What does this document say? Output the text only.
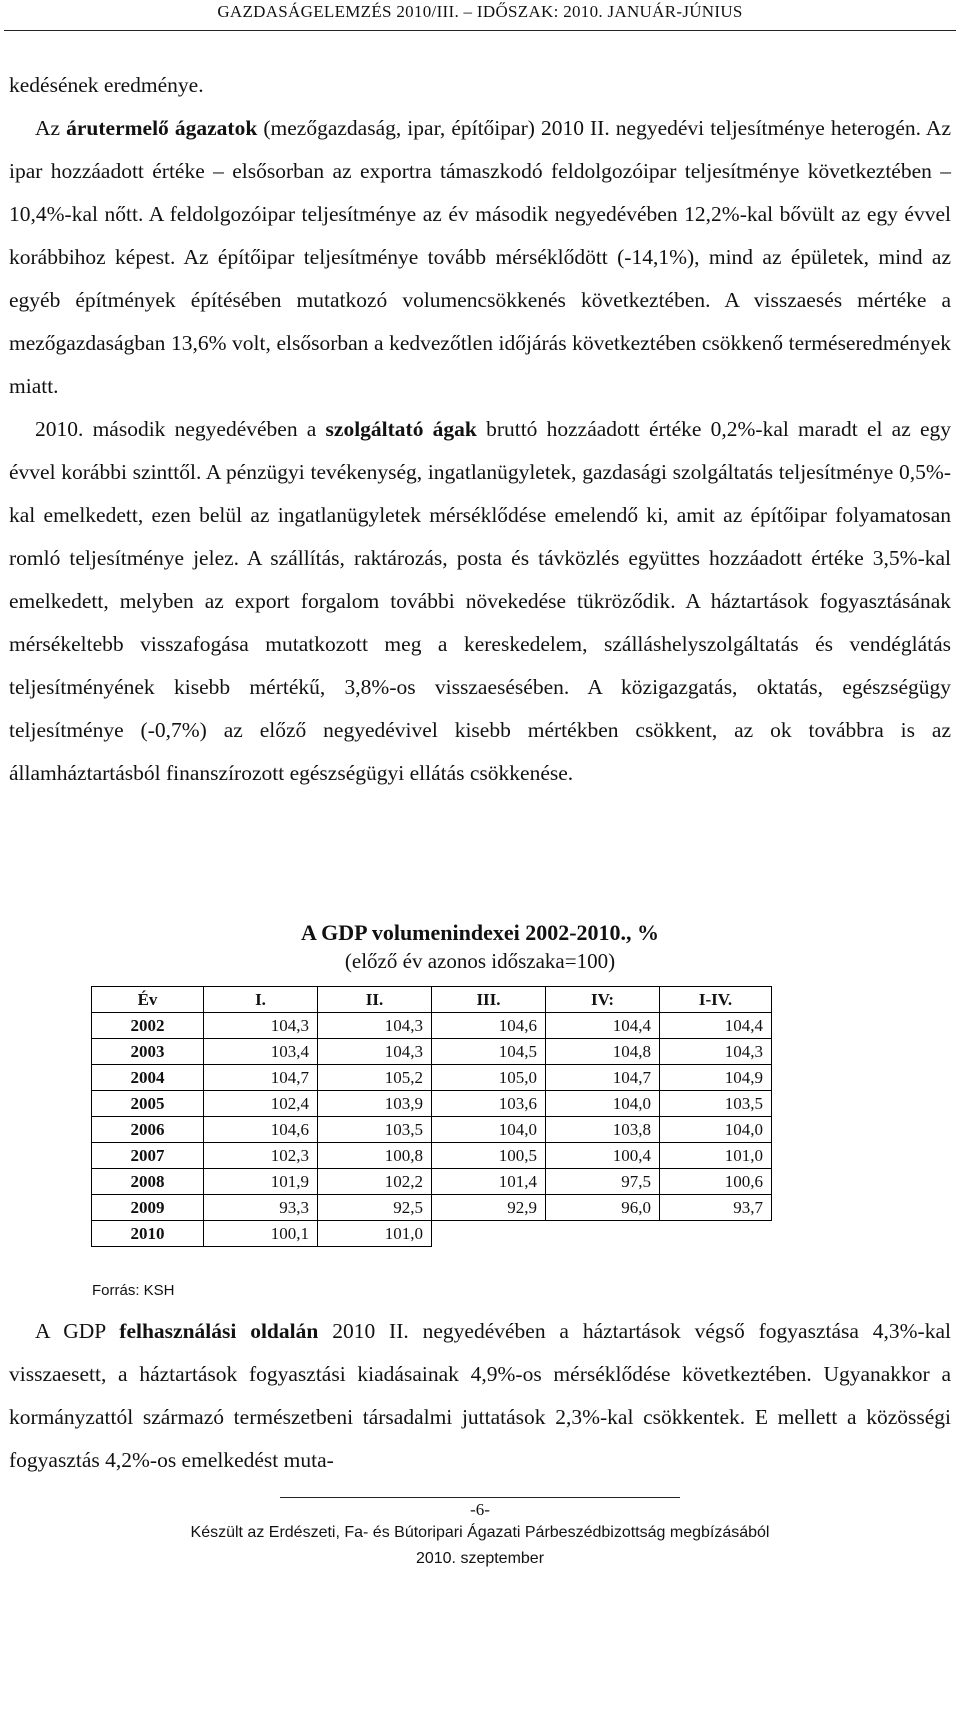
GAZDASÁGELEMZÉS 2010/III. – IDŐSZAK: 2010. JANUÁR-JÚNIUS

kedésének eredménye.

Az árutermelő ágazatok (mezőgazdaság, ipar, építőipar) 2010 II. negyedévi teljesítménye heterogén. Az ipar hozzáadott értéke – elsősorban az exportra támaszkodó feldolgozóipar teljesítménye következtében – 10,4%-kal nőtt. A feldolgozóipar teljesítménye az év második negyedévében 12,2%-kal bővült az egy évvel korábbihoz képest. Az építőipar teljesítménye tovább mérséklődött (-14,1%), mind az épületek, mind az egyéb építmények építésében mutatkozó volumencsökkenés következtében. A visszaesés mértéke a mezőgazdaságban 13,6% volt, elsősorban a kedvezőtlen időjárás következtében csökkenő terméseredmények miatt.

2010. második negyedévében a szolgáltató ágak bruttó hozzáadott értéke 0,2%-kal maradt el az egy évvel korábbi szinttől. A pénzügyi tevékenység, ingatlanügyletek, gazdasági szolgáltatás teljesítménye 0,5%-kal emelkedett, ezen belül az ingatlanügyletek mérséklődése emelendő ki, amit az építőipar folyamatosan romló teljesítménye jelez. A szállítás, raktározás, posta és távközlés együttes hozzáadott értéke 3,5%-kal emelkedett, melyben az export forgalom további növekedése tükröződik. A háztartások fogyasztásának mérsékeltebb visszafogása mutatkozott meg a kereskedelem, szálláshelyszolgáltatás és vendéglátás teljesítményének kisebb mértékű, 3,8%-os visszaesésében. A közigazgatás, oktatás, egészségügy teljesítménye (-0,7%) az előző negyedévivel kisebb mértékben csökkent, az ok továbbra is az államháztartásból finanszírozott egészségügyi ellátás csökkenése.

A GDP volumenindexei 2002-2010., %
(előző év azonos időszaka=100)
Év	I.	II.	III.	IV:	I-IV.
2002	104,3	104,3	104,6	104,4	104,4
2003	103,4	104,3	104,5	104,8	104,3
2004	104,7	105,2	105,0	104,7	104,9
2005	102,4	103,9	103,6	104,0	103,5
2006	104,6	103,5	104,0	103,8	104,0
2007	102,3	100,8	100,5	100,4	101,0
2008	101,9	102,2	101,4	97,5	100,6
2009	93,3	92,5	92,9	96,0	93,7
2010	100,1	101,0			
Forrás: KSH

A GDP felhasználási oldalán 2010 II. negyedévében a háztartások végső fogyasztása 4,3%-kal visszaesett, a háztartások fogyasztási kiadásainak 4,9%-os mérséklődése következtében. Ugyanakkor a kormányzattól származó természetbeni társadalmi juttatások 2,3%-kal csökkentek. E mellett a közösségi fogyasztás 4,2%-os emelkedést muta-

-6-
Készült az Erdészeti, Fa- és Bútoripari Ágazati Párbeszédbizottság megbízásából
2010. szeptember
